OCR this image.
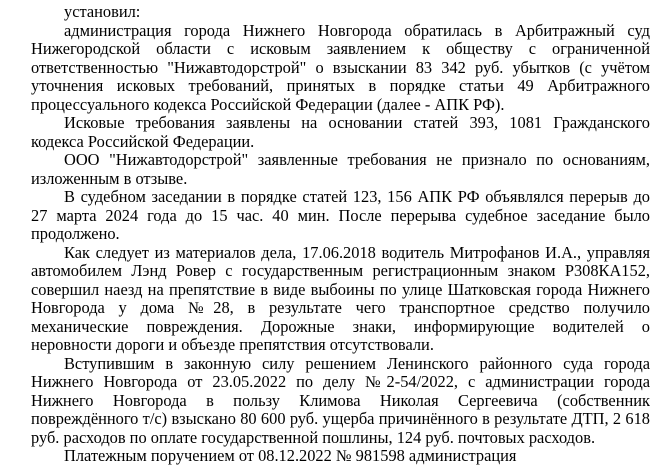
установил:

администрация города Нижнего Новгорода обратилась в Арбитражный суд Нижегородской области с исковым заявлением к обществу с ограниченной ответственностью "Нижавтодорстрой" о взыскании 83 342 руб. убытков (с учётом уточнения исковых требований, принятых в порядке статьи 49 Арбитражного процессуального кодекса Российской Федерации (далее - АПК РФ).

Исковые требования заявлены на основании статей 393, 1081 Гражданского кодекса Российской Федерации.

ООО "Нижавтодорстрой" заявленные требования не признало по основаниям, изложенным в отзыве.

В судебном заседании в порядке статей 123, 156 АПК РФ объявлялся перерыв до 27 марта 2024 года до 15 час. 40 мин. После перерыва судебное заседание было продолжено.

Как следует из материалов дела, 17.06.2018 водитель Митрофанов И.А., управляя автомобилем Лэнд Ровер с государственным регистрационным знаком Р308КА152, совершил наезд на препятствие в виде выбоины по улице Шатковская города Нижнего Новгорода у дома №28, в результате чего транспортное средство получило механические повреждения. Дорожные знаки, информирующие водителей о неровности дороги и объезде препятствия отсутствовали.

Вступившим в законную силу решением Ленинского районного суда города Нижнего Новгорода от 23.05.2022 по делу №2-54/2022, с администрации города Нижнего Новгорода в пользу Климова Николая Сергеевича (собственник повреждённого т/с) взыскано 80 600 руб. ущерба причинённого в результате ДТП, 2 618 руб. расходов по оплате государственной пошлины, 124 руб. почтовых расходов.

Платежным поручением от 08.12.2022 № 981598 администрация
